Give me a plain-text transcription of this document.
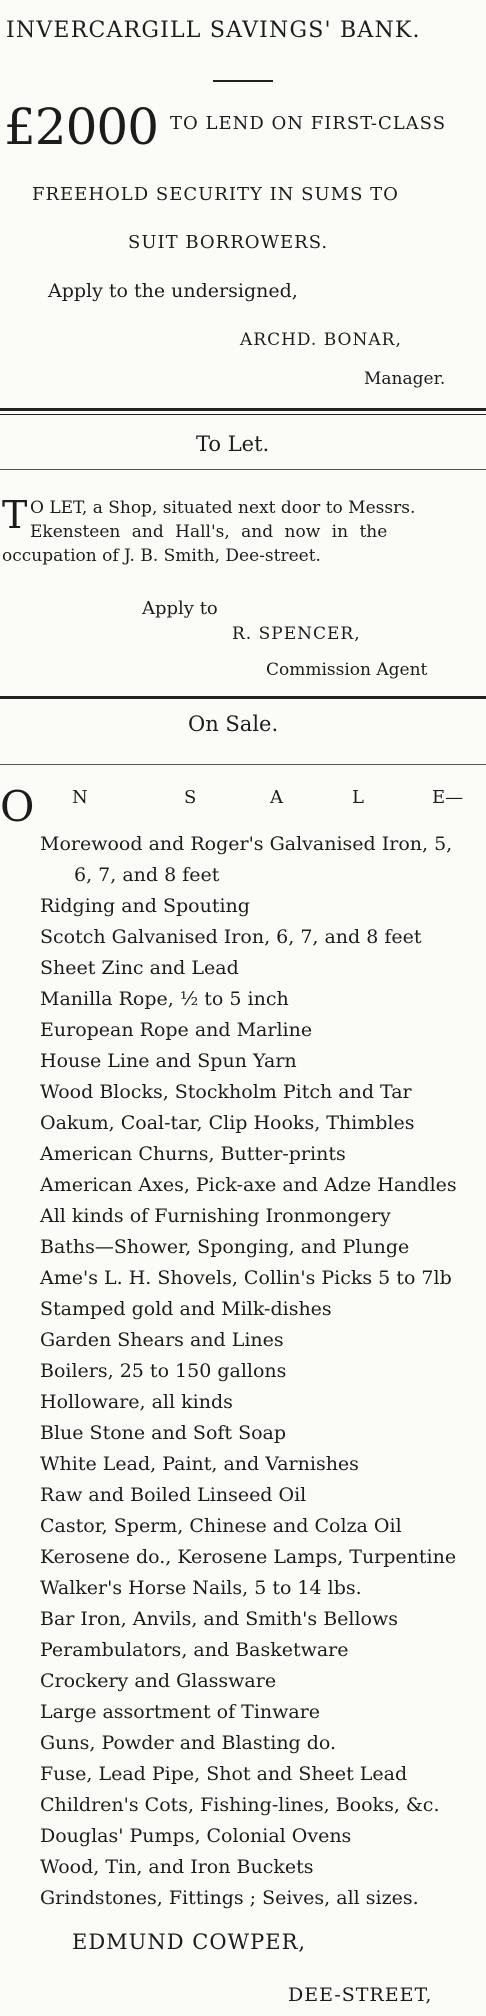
INVERCARGILL SAVINGS' BANK.
£2000 TO LEND ON FIRST-CLASS
FREEHOLD SECURITY IN SUMS TO
SUIT BORROWERS.
Apply to the undersigned,
ARCHD. BONAR,
Manager.
To Let.
T O LET, a Shop, situated next door to Messrs.
Ekensteen and Hall's, and now in the
occupation of J. B. Smith, Dee-street.
Apply to
R. SPENCER,
Commission Agent
On Sale.
O N	S	A	L	E—
Morewood and Roger's Galvanised Iron, 5,
6, 7, and 8 feet
Ridging and Spouting
Scotch Galvanised Iron, 6, 7, and 8 feet
Sheet Zinc and Lead
Manilla Rope, ½ to 5 inch
European Rope and Marline
House Line and Spun Yarn
Wood Blocks, Stockholm Pitch and Tar
Oakum, Coal-tar, Clip Hooks, Thimbles
American Churns, Butter-prints
American Axes, Pick-axe and Adze Handles
All kinds of Furnishing Ironmongery
Baths—Shower, Sponging, and Plunge
Ame's L. H. Shovels, Collin's Picks 5 to 7lb
Stamped gold and Milk-dishes
Garden Shears and Lines
Boilers, 25 to 150 gallons
Holloware, all kinds
Blue Stone and Soft Soap
White Lead, Paint, and Varnishes
Raw and Boiled Linseed Oil
Castor, Sperm, Chinese and Colza Oil
Kerosene do., Kerosene Lamps, Turpentine
Walker's Horse Nails, 5 to 14 lbs.
Bar Iron, Anvils, and Smith's Bellows
Perambulators, and Basketware
Crockery and Glassware
Large assortment of Tinware
Guns, Powder and Blasting do.
Fuse, Lead Pipe, Shot and Sheet Lead
Children's Cots, Fishing-lines, Books, &c.
Douglas' Pumps, Colonial Ovens
Wood, Tin, and Iron Buckets
Grindstones, Fittings ; Seives, all sizes.
EDMUND COWPER,
DEE-STREET,
